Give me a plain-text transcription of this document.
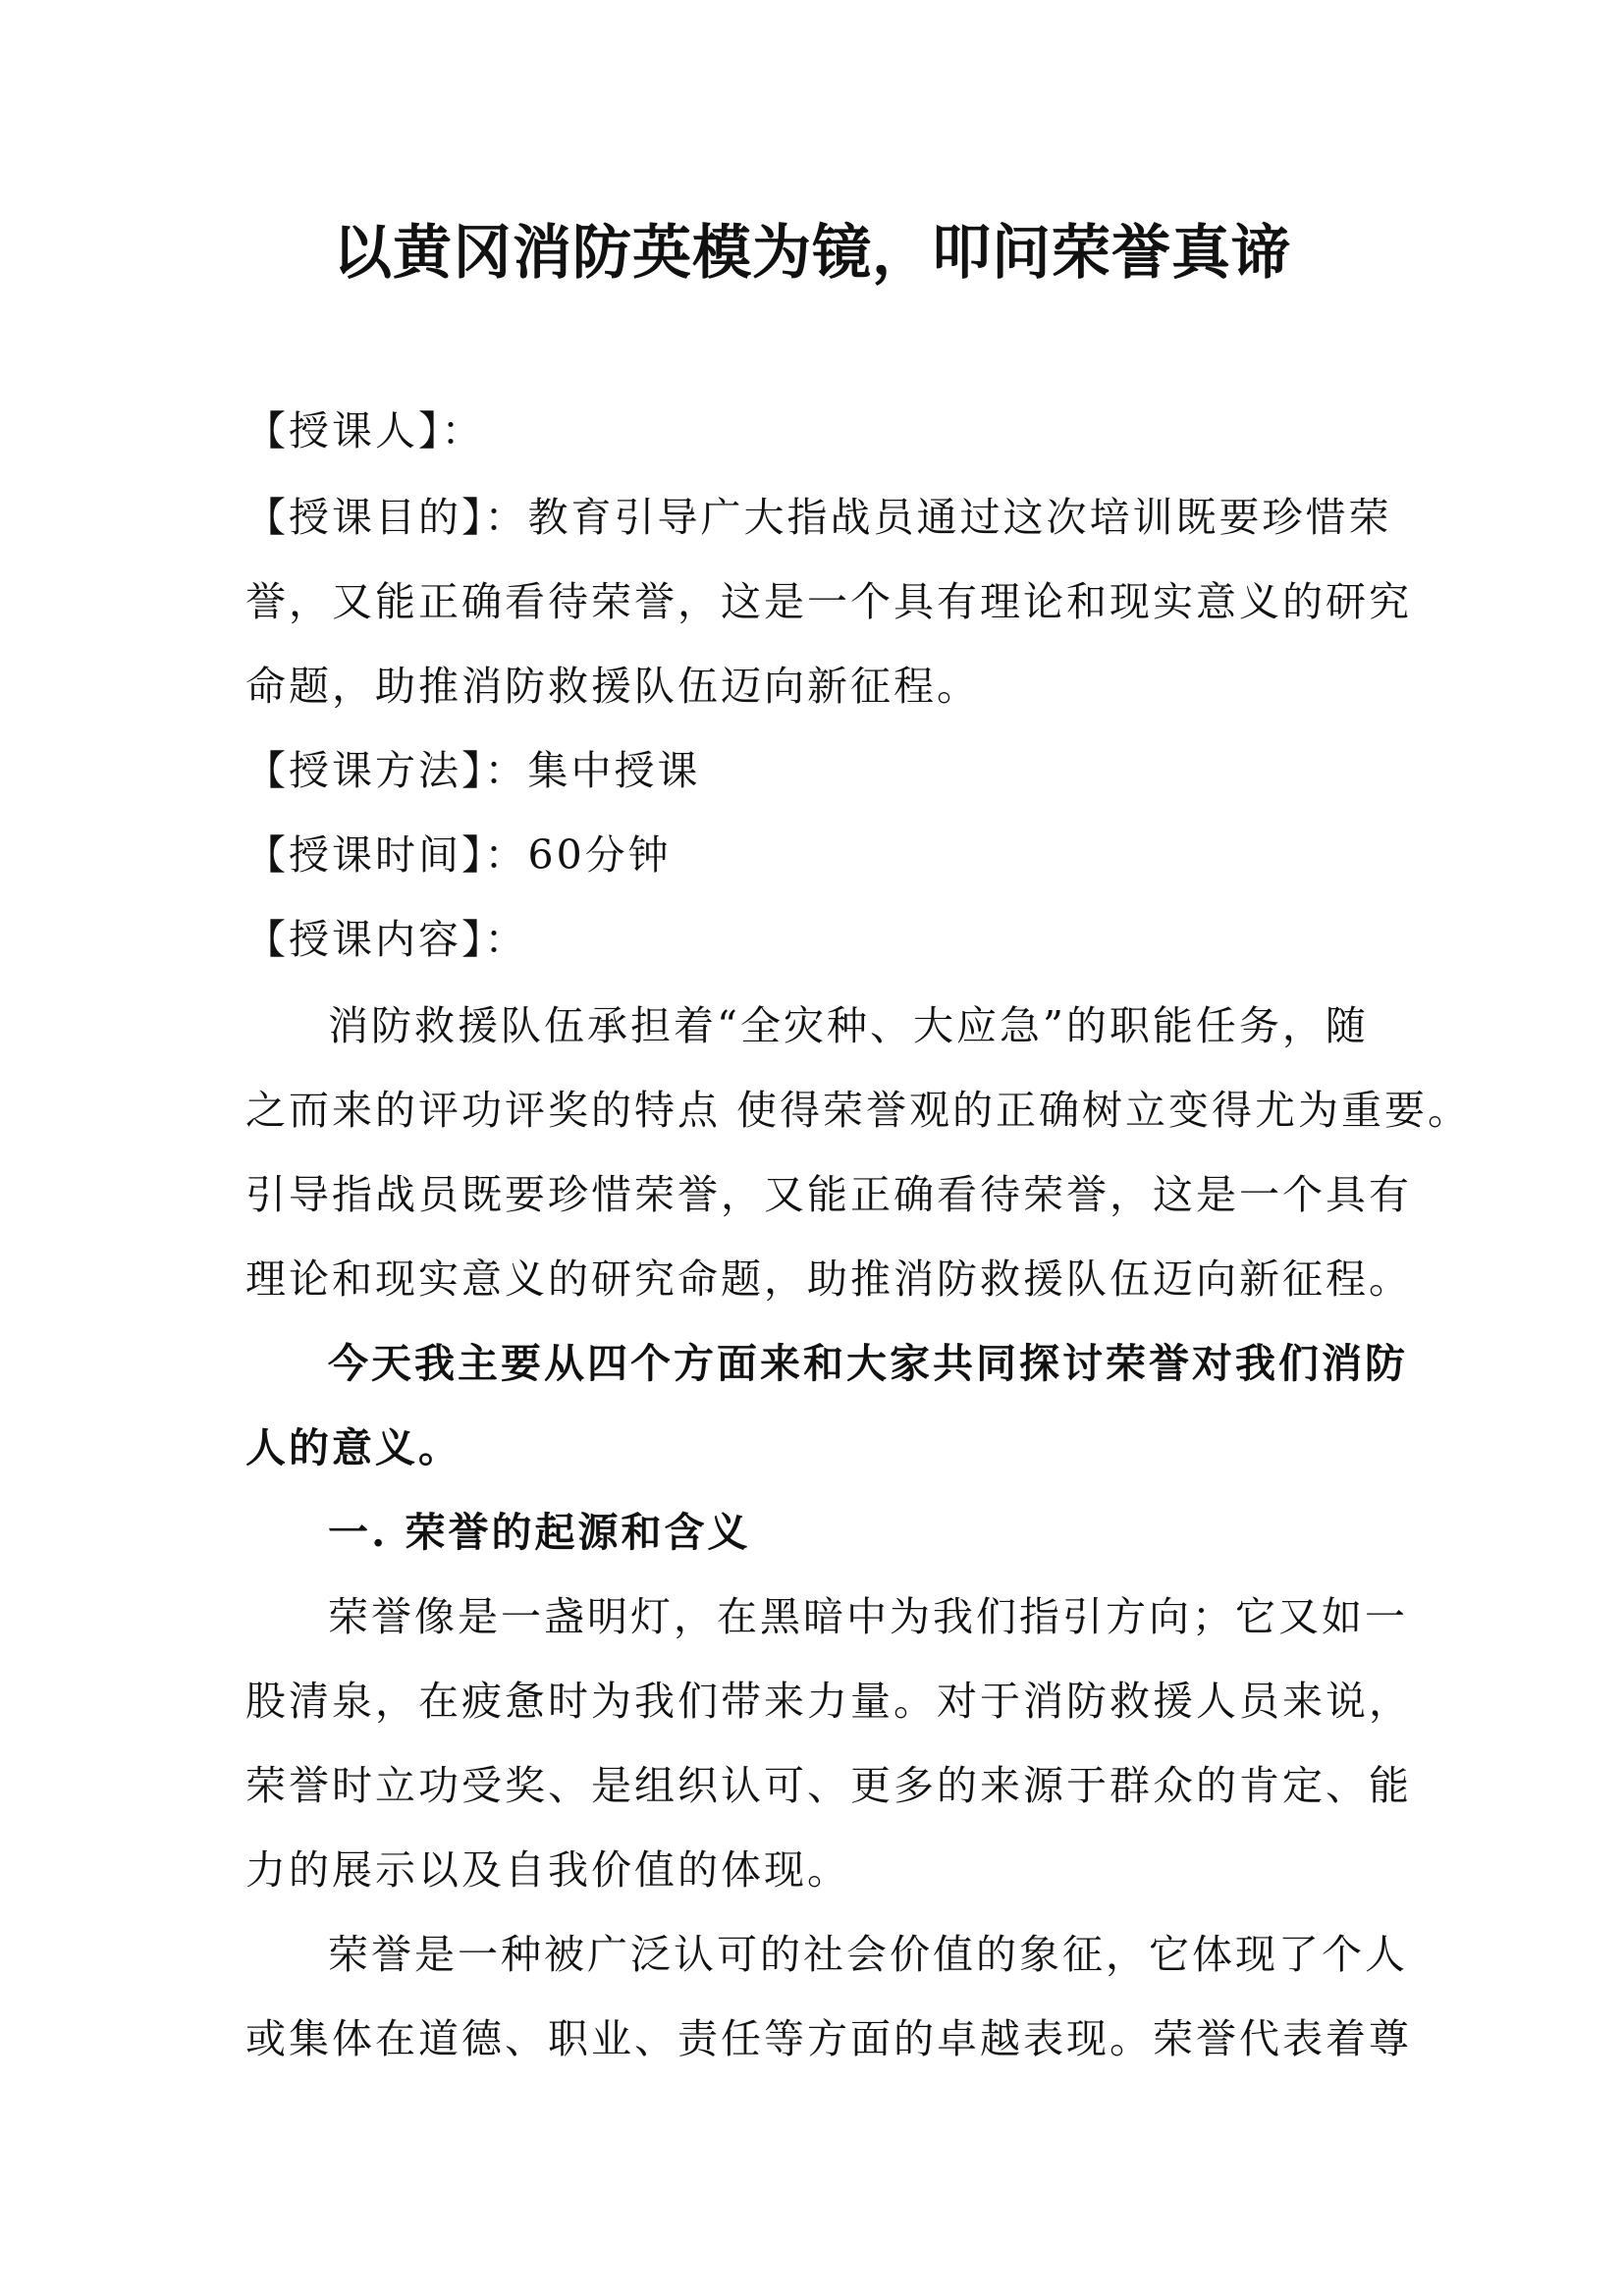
以黄冈消防英模为镜，叩问荣誉真谛
【授课人】：
【授课目的】：教育引导广大指战员通过这次培训既要珍惜荣
誉，又能正确看待荣誉，这是一个具有理论和现实意义的研究
命题，助推消防救援队伍迈向新征程。
【授课方法】：集中授课
【授课时间】：60分钟
【授课内容】：
消防救援队伍承担着“全灾种、大应急”的职能任务，随
之而来的评功评奖的特点 使得荣誉观的正确树立变得尤为重要。
引导指战员既要珍惜荣誉，又能正确看待荣誉，这是一个具有
理论和现实意义的研究命题，助推消防救援队伍迈向新征程。
今天我主要从四个方面来和大家共同探讨荣誉对我们消防
人的意义。
一. 荣誉的起源和含义
荣誉像是一盏明灯，在黑暗中为我们指引方向；它又如一
股清泉，在疲惫时为我们带来力量。对于消防救援人员来说，
荣誉时立功受奖、是组织认可、更多的来源于群众的肯定、能
力的展示以及自我价值的体现。
荣誉是一种被广泛认可的社会价值的象征，它体现了个人
或集体在道德、职业、责任等方面的卓越表现。荣誉代表着尊
